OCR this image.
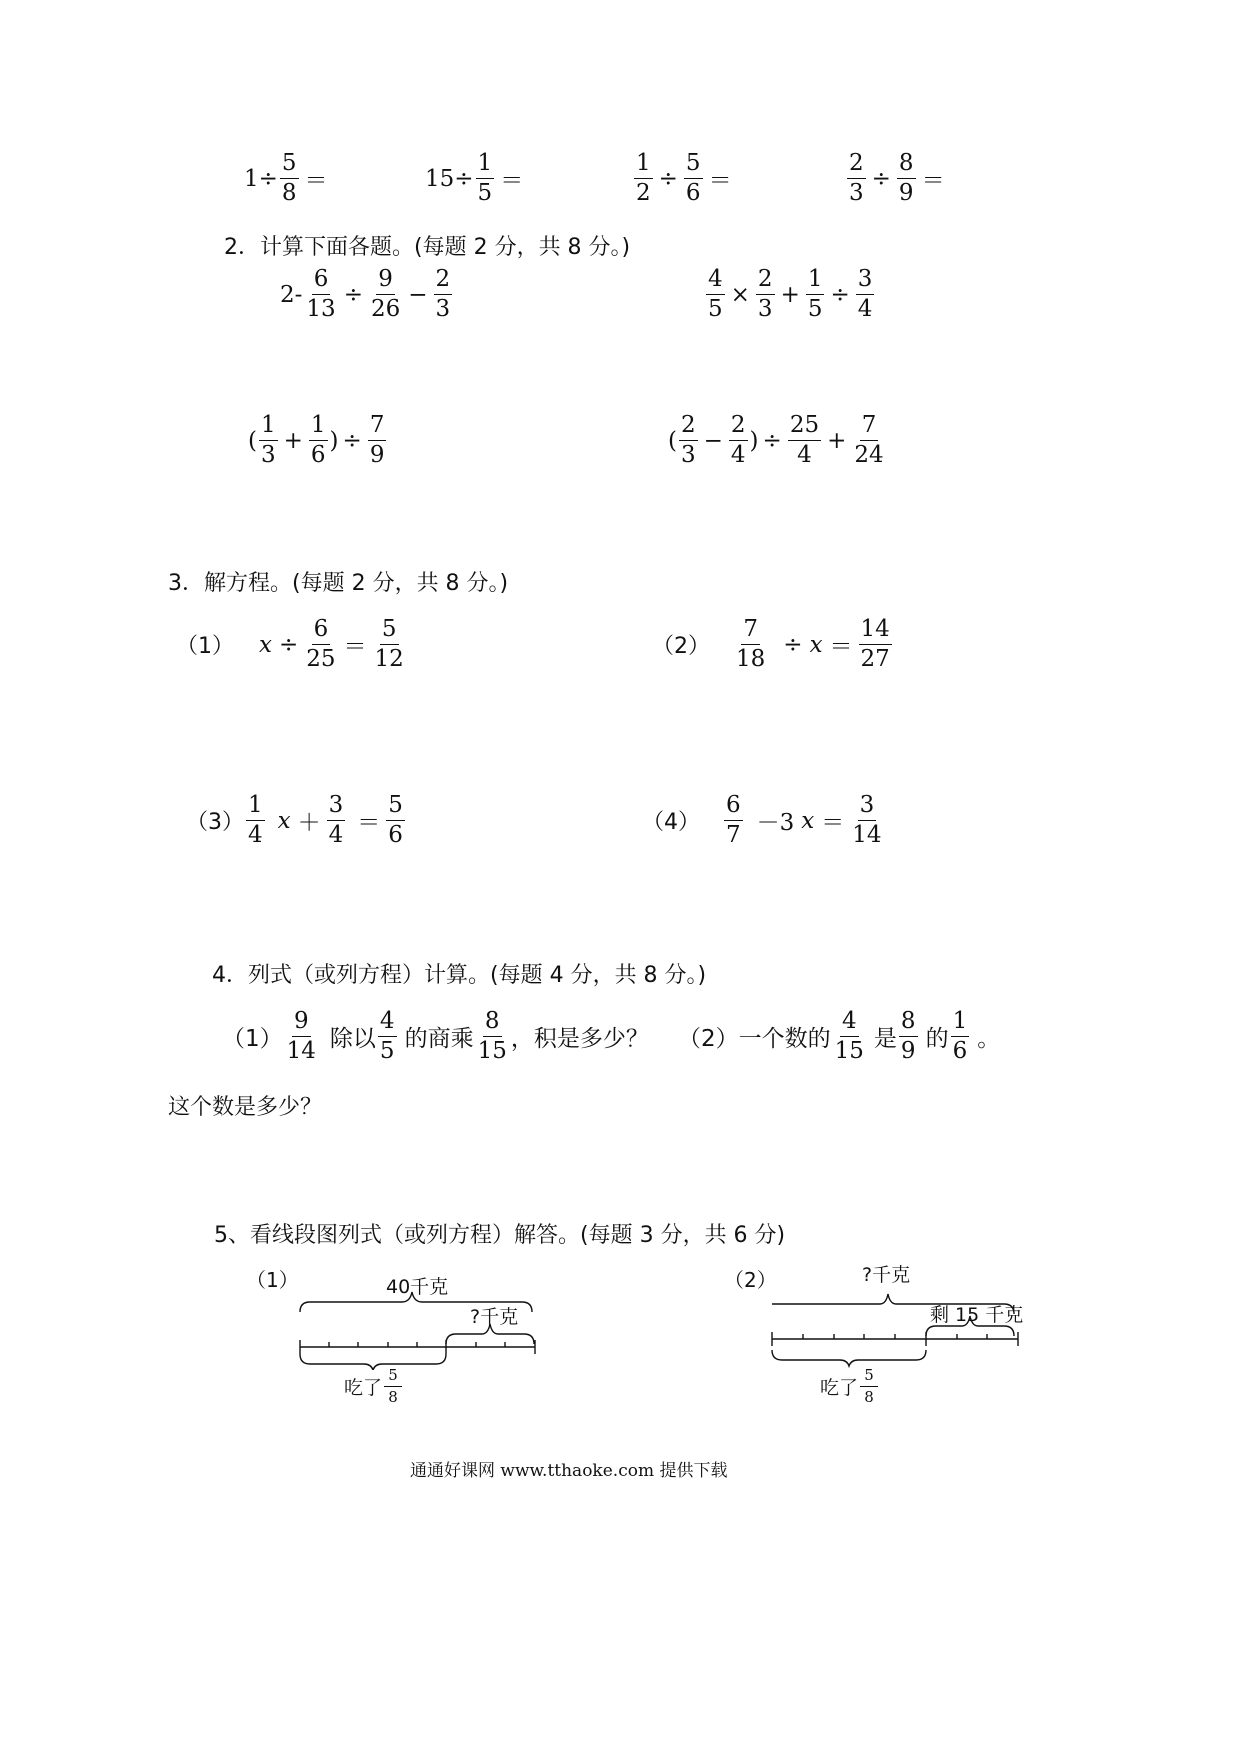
$1\div \frac{5}{8}$ ＝	$15\div \frac{1}{5}$ ＝	$\frac{1}{2} \div \frac{5}{6}$ ＝	$\frac{2}{3} \div \frac{8}{9}$ ＝
2．计算下面各题。(每题 2 分，共 8 分。)
$2- \frac{6}{13} \div \frac{9}{26} - \frac{2}{3}$	$\frac{4}{5} \times \frac{2}{3} + \frac{1}{5} \div \frac{3}{4}$
(
1
3
+ $\frac{1}{6}$ ) ÷ $\frac{7}{9}$	(
2
3
− $\frac{2}{4}$ ) ÷ $\frac{25}{4} + \frac{7}{24}$
3．解方程。(每题 2 分，共 8 分。)
（1） $x \div \frac{6}{25}$ ＝
5
12	$(2) \frac{7}{18} \div x$ ＝
14
27
（3）
1
4
x ＋
3
4 ＝
5
6	（4）
6
7 －3 x ＝
3
14
4．列式（或列方程）计算。(每题 4 分，共 8 分。)
（1）
9
14 除以
4
5 的商乘
8
15 ，积是多少？ （2）一个数的
4
15 是
8
9 的
1
6 。
这个数是多少？
5、看线段图列式（或列方程）解答。(每题 3 分，共 6 分)
（1）	40千克
?千克
吃了
5
8
（2）	?千克
剩 15 千克
吃了
5
8
通通好课网 www.tthaoke.com 提供下载
